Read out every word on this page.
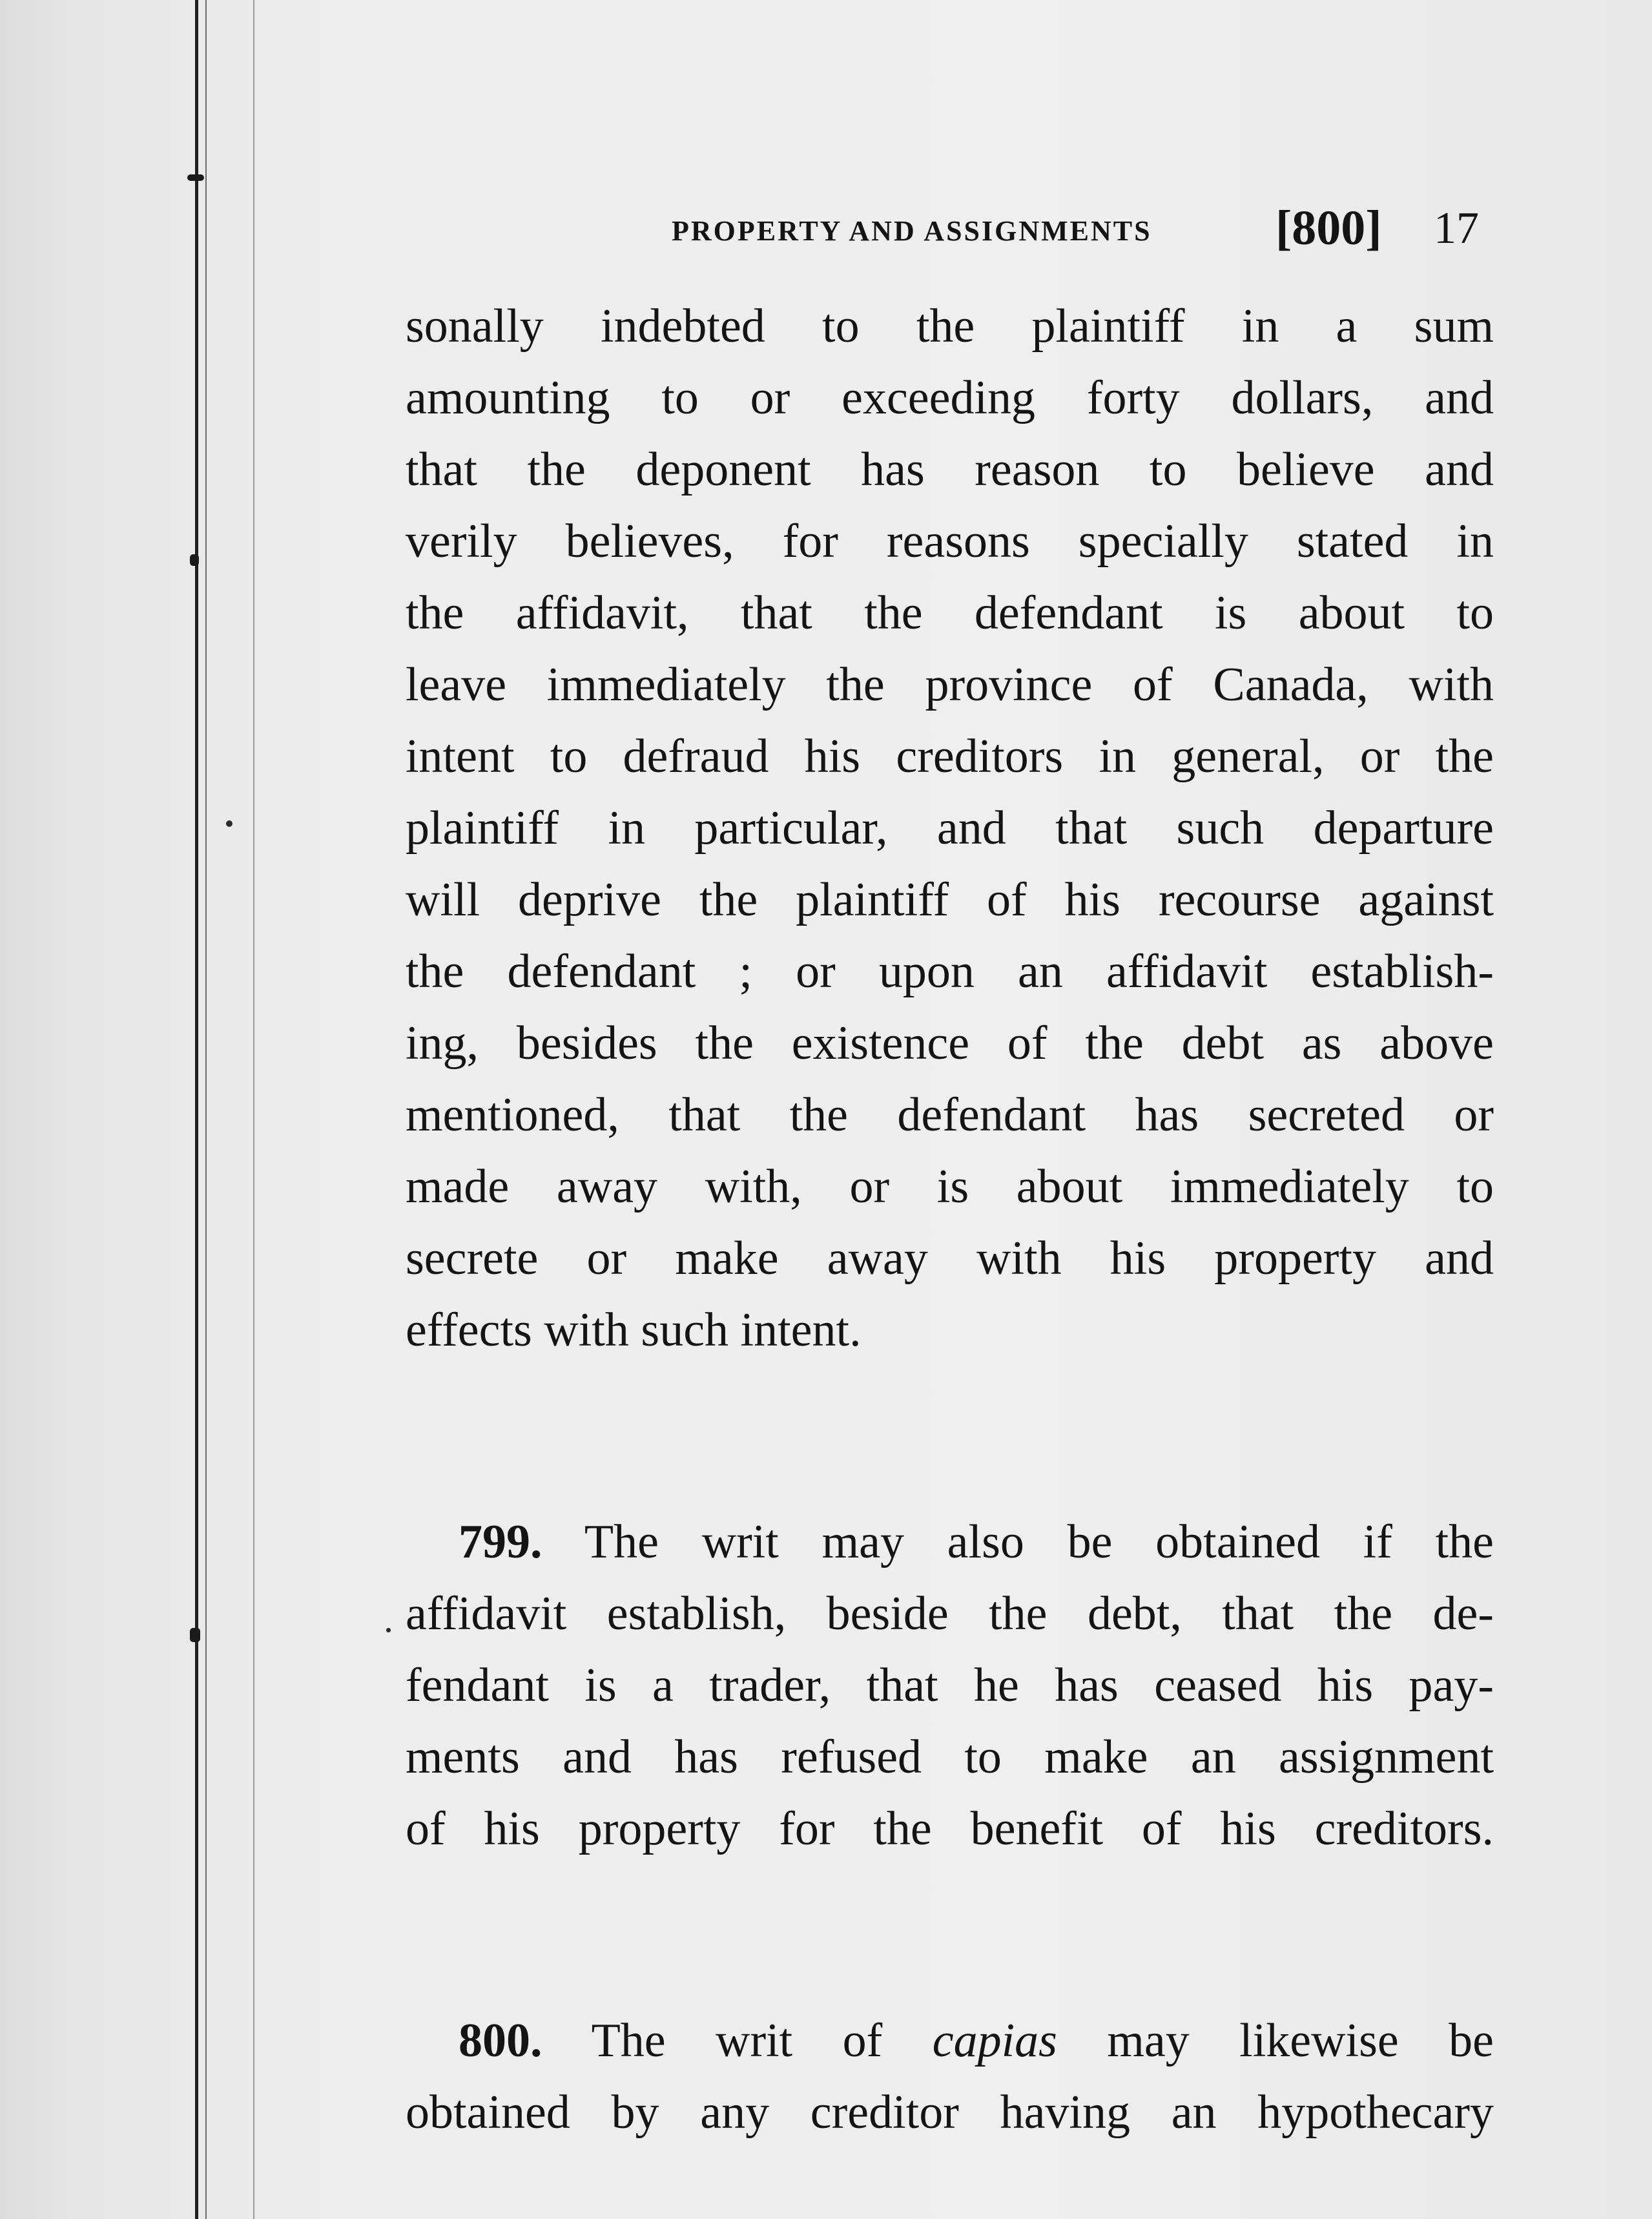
PROPERTY AND ASSIGNMENTS	[800] 17
sonally indebted to the plaintiff in a sum
amounting to or exceeding forty dollars, and
that the deponent has reason to believe and
verily believes, for reasons specially stated in
the affidavit, that the defendant is about to
leave immediately the province of Canada, with
intent to defraud his creditors in general, or the
plaintiff in particular, and that such departure
will deprive the plaintiff of his recourse against
the defendant ; or upon an affidavit establish-
ing, besides the existence of the debt as above
mentioned, that the defendant has secreted or
made away with, or is about immediately to
secrete or make away with his property and
effects with such intent.
799. The writ may also be obtained if the
affidavit establish, beside the debt, that the de-
fendant is a trader, that he has ceased his pay-
ments and has refused to make an assignment
of his property for the benefit of his creditors.
800. The writ of capias may likewise be
obtained by any creditor having an hypothecary
